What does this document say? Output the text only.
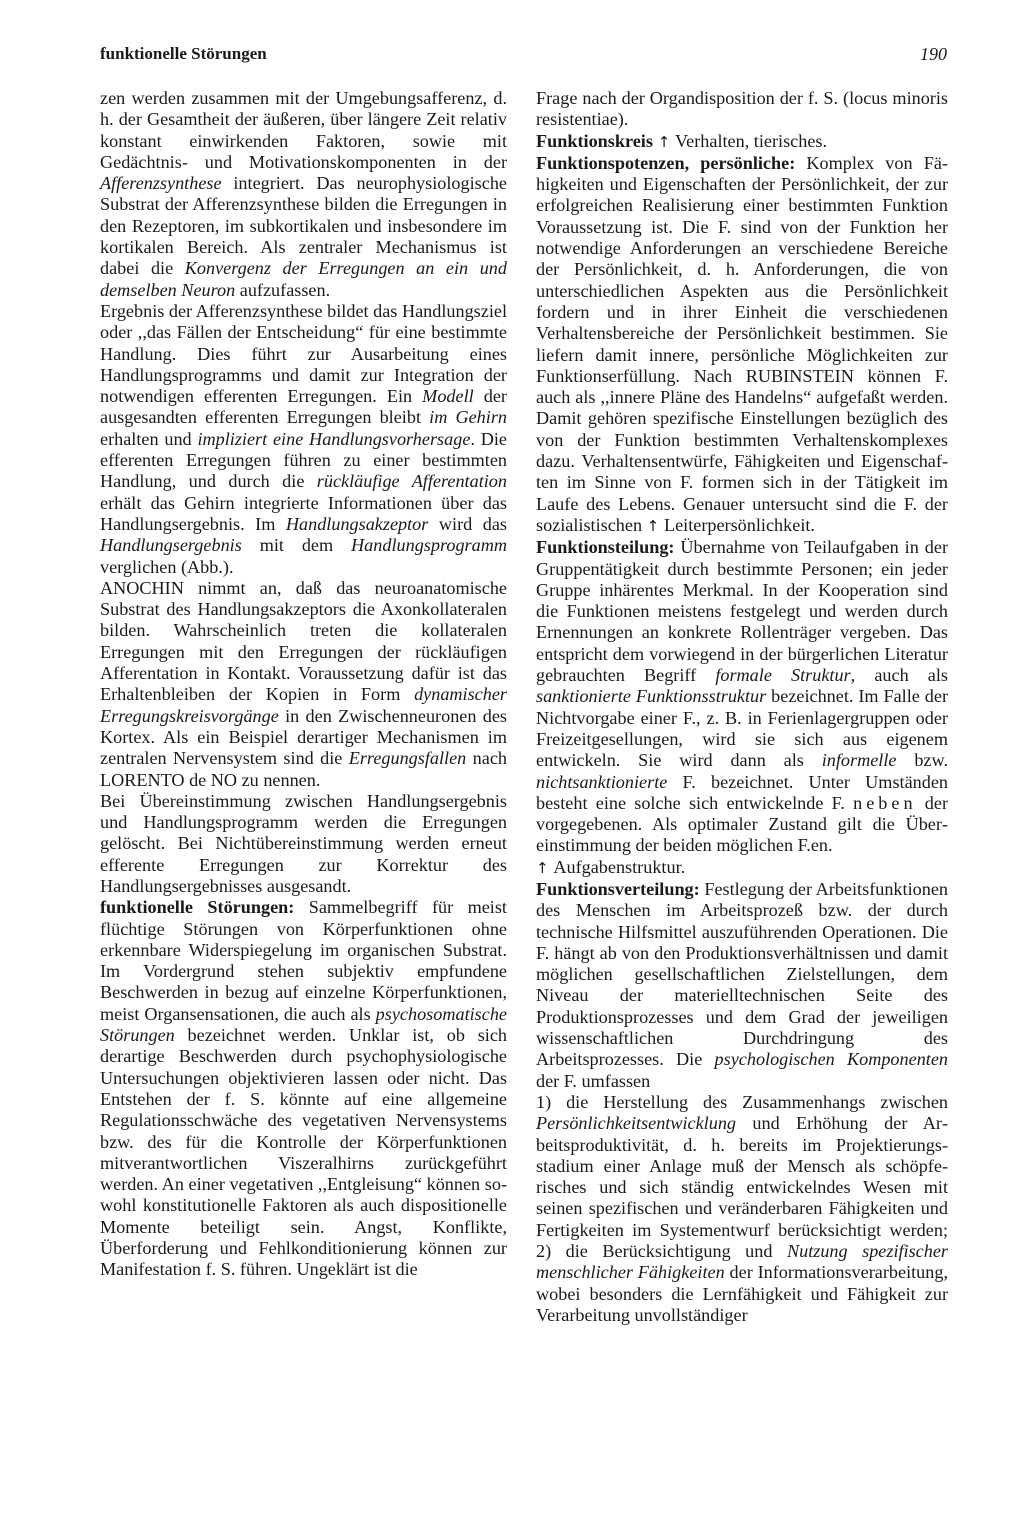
funktionelle Störungen	190

zen werden zusammen mit der Umgebungsafferenz, d. h. der Gesamtheit der äußeren, über längere Zeit relativ konstant einwirkenden Faktoren, sowie mit Gedächtnis- und Motivationskomponenten in der Afferenzsynthese integriert. Das neurophysiologische Substrat der Afferenzsynthese bilden die Erregungen in den Rezeptoren, im subkortikalen und insbesondere im kortikalen Bereich. Als zentraler Mechanismus ist dabei die Konvergenz der Erregungen an ein und demselben Neuron aufzufassen.

Ergebnis der Afferenzsynthese bildet das Handlungsziel oder ,,das Fällen der Entscheidung“ für eine bestimmte Handlung. Dies führt zur Ausarbeitung eines Handlungsprogramms und damit zur Integration der notwendigen efferenten Erregungen. Ein Modell der ausgesandten efferenten Erregungen bleibt im Gehirn erhalten und impliziert eine Handlungsvorhersage. Die efferenten Erregungen führen zu einer bestimmten Handlung, und durch die rückläufige Afferentation erhält das Gehirn integrierte Informationen über das Handlungsergebnis. Im Handlungsakzeptor wird das Handlungsergebnis mit dem Handlungsprogramm verglichen (Abb.).

ANOCHIN nimmt an, daß das neuroanatomische Substrat des Handlungsakzeptors die Axonkollateralen bilden. Wahrscheinlich treten die kollateralen Erregungen mit den Erregungen der rückläufigen Afferentation in Kontakt. Voraussetzung dafür ist das Erhaltenbleiben der Kopien in Form dynamischer Erregungskreisvorgänge in den Zwischenneuronen des Kortex. Als ein Beispiel derartiger Mechanismen im zentralen Nervensystem sind die Erregungsfallen nach LORENTO de NO zu nennen.

Bei Übereinstimmung zwischen Handlungsergebnis und Handlungsprogramm werden die Erregungen gelöscht. Bei Nichtübereinstimmung werden erneut efferente Erregungen zur Korrektur des Handlungsergebnisses ausgesandt.

funktionelle Störungen: Sammelbegriff für meist flüchtige Störungen von Körperfunktionen ohne erkennbare Widerspiegelung im organischen Substrat. Im Vordergrund stehen subjektiv empfundene Beschwerden in bezug auf einzelne Körperfunktionen, meist Organsensationen, die auch als psychosomatische Störungen bezeichnet werden. Unklar ist, ob sich derartige Beschwerden durch psychophysiologische Untersuchungen objektivieren lassen oder nicht. Das Entstehen der f. S. könnte auf eine allgemeine Regulationsschwäche des vegetativen Nervensystems bzw. des für die Kontrolle der Körperfunktionen mitverantwortlichen Viszeralhirns zurückgeführt werden. An einer vegetativen ,,Entgleisung“ können sowohl konstitutionelle Faktoren als auch dispositionelle Momente beteiligt sein. Angst, Konflikte, Überforderung und Fehlkonditionierung können zur Manifestation f. S. führen. Ungeklärt ist die

Frage nach der Organdisposition der f. S. (locus minoris resistentiae).

Funktionskreis ↑ Verhalten, tierisches.

Funktionspotenzen, persönliche: Komplex von Fähigkeiten und Eigenschaften der Persönlichkeit, der zur erfolgreichen Realisierung einer bestimmten Funktion Voraussetzung ist. Die F. sind von der Funktion her notwendige Anforderungen an verschiedene Bereiche der Persönlichkeit, d. h. Anforderungen, die von unterschiedlichen Aspekten aus die Persönlichkeit fordern und in ihrer Einheit die verschiedenen Verhaltensbereiche der Persönlichkeit bestimmen. Sie liefern damit innere, persönliche Möglichkeiten zur Funktionserfüllung. Nach RUBINSTEIN können F. auch als ,,innere Pläne des Handelns“ aufgefaßt werden. Damit gehören spezifische Einstellungen bezüglich des von der Funktion bestimmten Verhaltenskomplexes dazu. Verhaltensentwürfe, Fähigkeiten und Eigenschaften im Sinne von F. formen sich in der Tätigkeit im Laufe des Lebens. Genauer untersucht sind die F. der sozialistischen ↑ Leiterpersönlichkeit.

Funktionsteilung: Übernahme von Teilaufgaben in der Gruppentätigkeit durch bestimmte Personen; ein jeder Gruppe inhärentes Merkmal. In der Kooperation sind die Funktionen meistens festgelegt und werden durch Ernennungen an konkrete Rollenträger vergeben. Das entspricht dem vorwiegend in der bürgerlichen Literatur gebrauchten Begriff formale Struktur, auch als sanktionierte Funktionsstruktur bezeichnet. Im Falle der Nichtvorgabe einer F., z. B. in Ferienlagergruppen oder Freizeitgesellungen, wird sie sich aus eigenem entwickeln. Sie wird dann als informelle bzw. nichtsanktionierte F. bezeichnet. Unter Umständen besteht eine solche sich entwickelnde F. neben der vorgegebenen. Als optimaler Zustand gilt die Übereinstimmung der beiden möglichen F.en.

↑ Aufgabenstruktur.

Funktionsverteilung: Festlegung der Arbeitsfunktionen des Menschen im Arbeitsprozeß bzw. der durch technische Hilfsmittel auszuführenden Operationen. Die F. hängt ab von den Produktionsverhältnissen und damit möglichen gesellschaftlichen Zielstellungen, dem Niveau der materielltechnischen Seite des Produktionsprozesses und dem Grad der jeweiligen wissenschaftlichen Durchdringung des Arbeitsprozesses. Die psychologischen Komponenten der F. umfassen

1) die Herstellung des Zusammenhangs zwischen Persönlichkeitsentwicklung und Erhöhung der Arbeitsproduktivität, d. h. bereits im Projektierungsstadium einer Anlage muß der Mensch als schöpferisches und sich ständig entwickelndes Wesen mit seinen spezifischen und veränderbaren Fähigkeiten und Fertigkeiten im Systementwurf berücksichtigt werden; 2) die Berücksichtigung und Nutzung spezifischer menschlicher Fähigkeiten der Informationsverarbeitung, wobei besonders die Lernfähigkeit und Fähigkeit zur Verarbeitung unvollständiger
